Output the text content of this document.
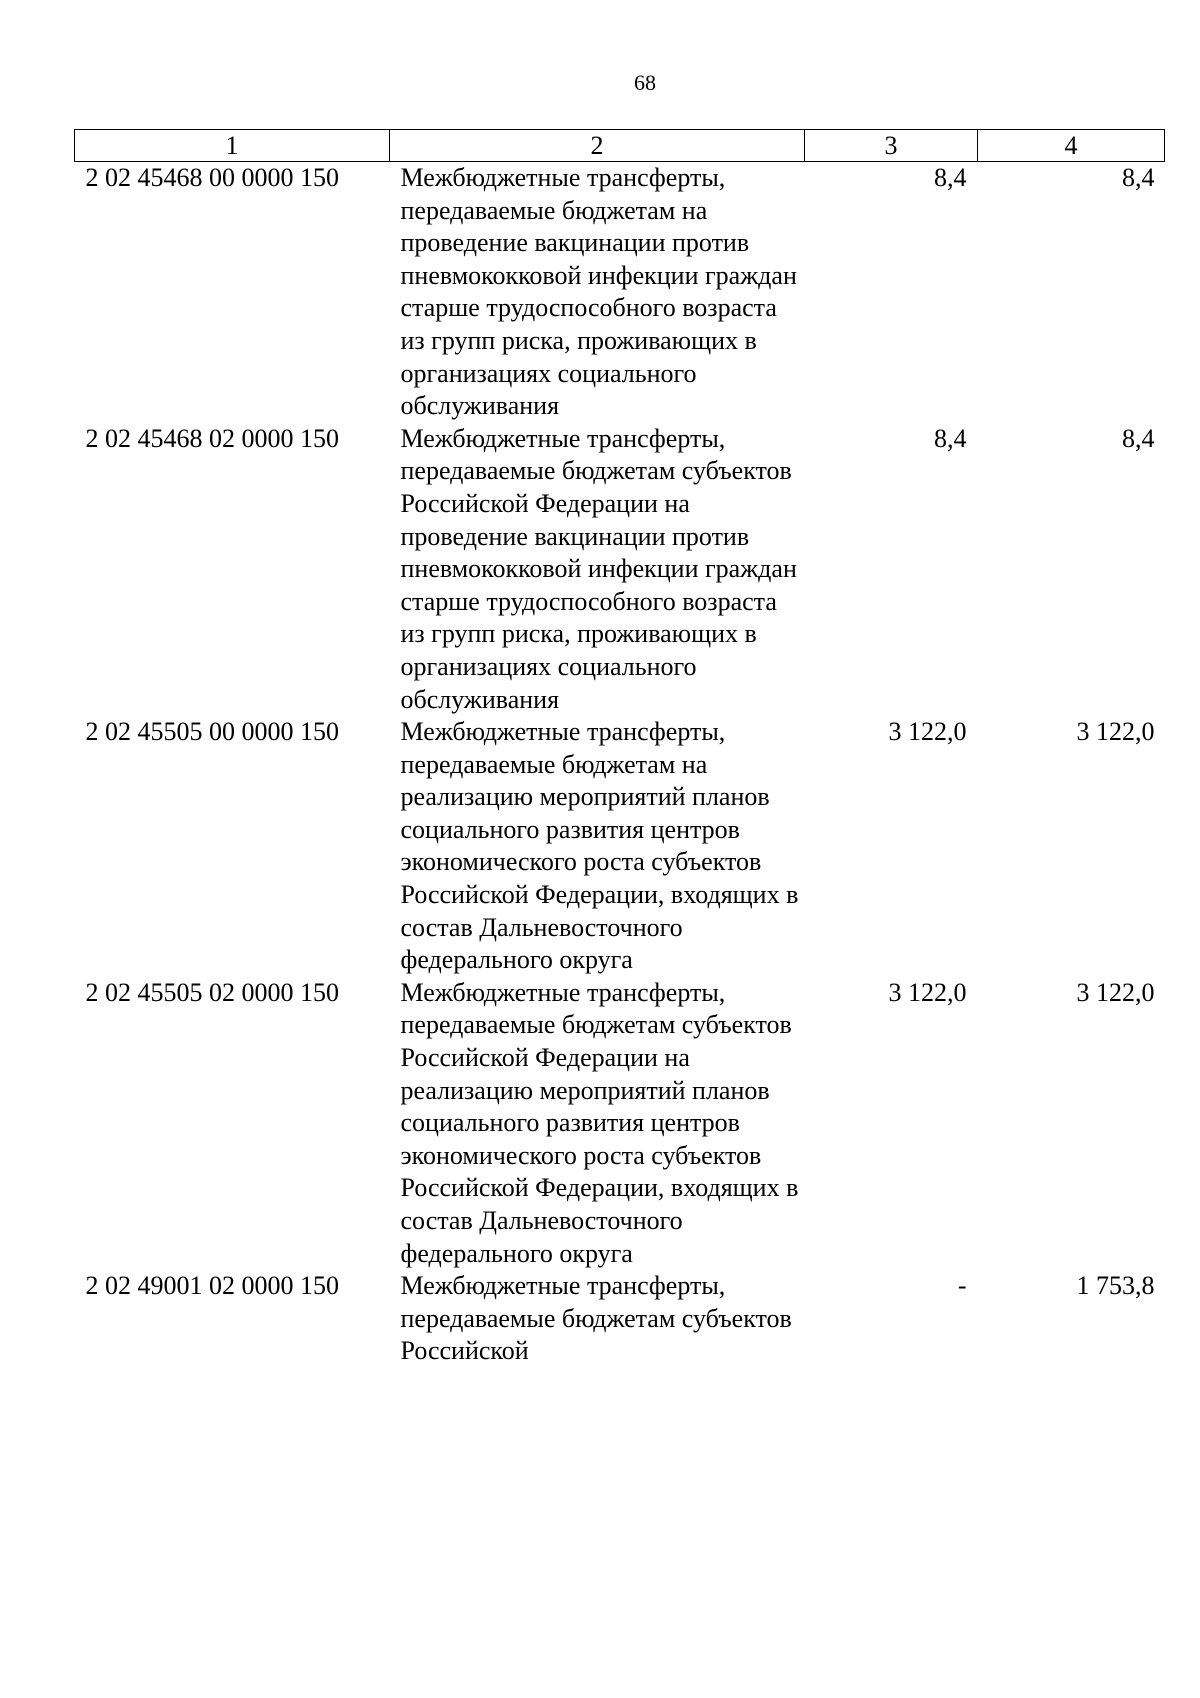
68
1	2	3	4
2 02 45468 00 0000 150	Межбюджетные трансферты, передаваемые бюджетам на проведение вакцинации против пневмококковой инфекции граждан старше трудоспособного возраста из групп риска, проживающих в организациях социального обслуживания	8,4	8,4
2 02 45468 02 0000 150	Межбюджетные трансферты, передаваемые бюджетам субъектов Российской Федерации на проведение вакцинации против пневмококковой инфекции граждан старше трудоспособного возраста из групп риска, проживающих в организациях социального обслуживания	8,4	8,4
2 02 45505 00 0000 150	Межбюджетные трансферты, передаваемые бюджетам на реализацию мероприятий планов социального развития центров экономического роста субъектов Российской Федерации, входящих в состав Дальневосточного федерального округа	3 122,0	3 122,0
2 02 45505 02 0000 150	Межбюджетные трансферты, передаваемые бюджетам субъектов Российской Федерации на реализацию мероприятий планов социального развития центров экономического роста субъектов Российской Федерации, входящих в состав Дальневосточного федерального округа	3 122,0	3 122,0
2 02 49001 02 0000 150	Межбюджетные трансферты, передаваемые бюджетам субъектов Российской	-	1 753,8
